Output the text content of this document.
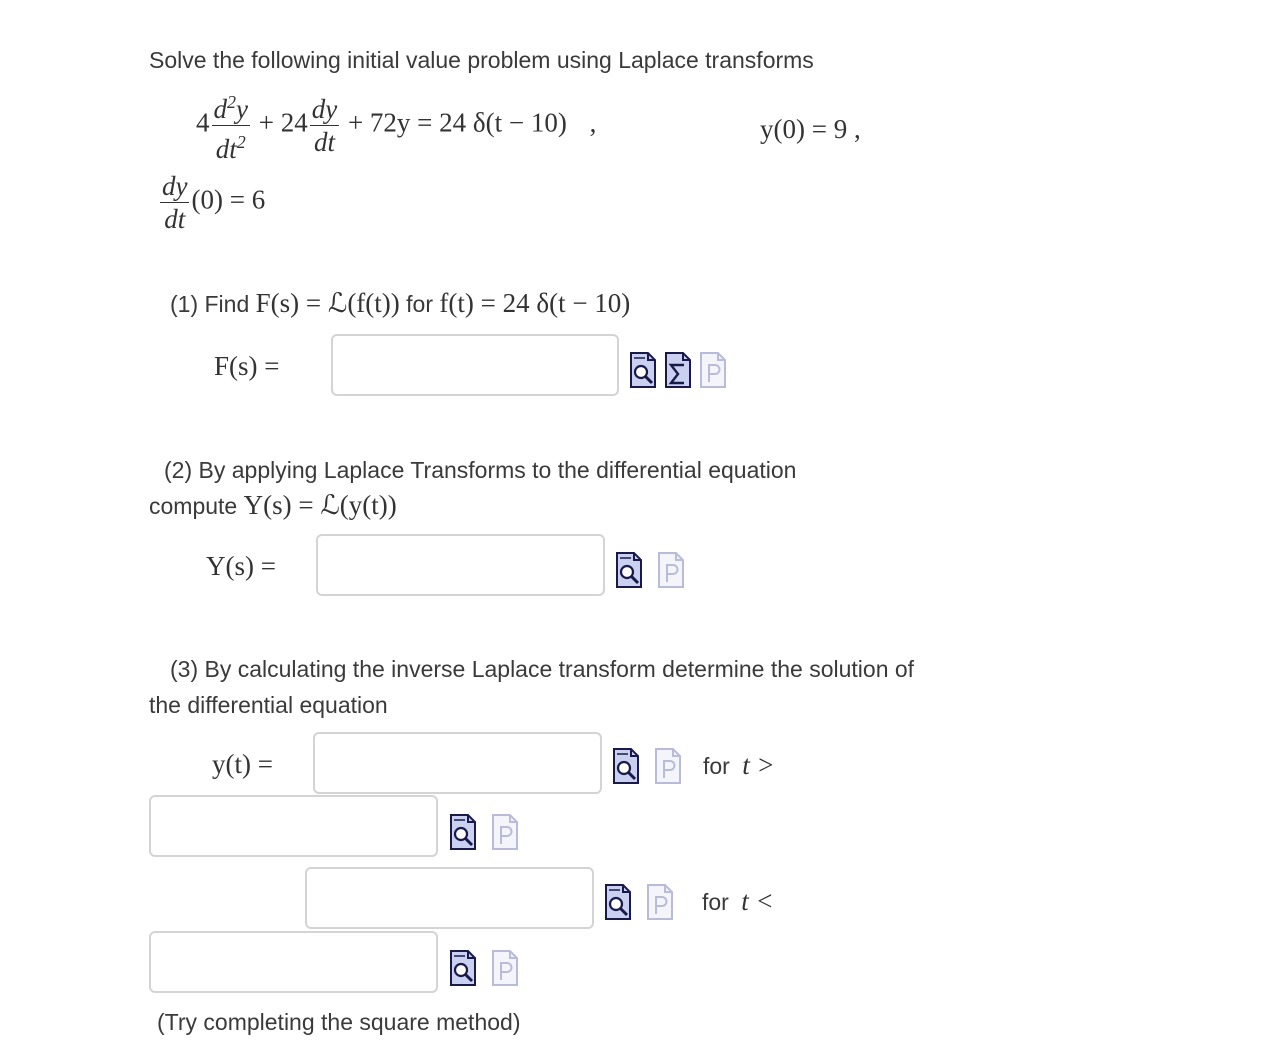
Solve the following initial value problem using Laplace transforms
$4 \frac{d^2y}{dt^2} + 24 \frac{dy}{dt} + 72y = 24$ δ(t − 10) ,	y(0) = 9 ,
$\frac{dy}{dt} (0) = 6$
(1) Find F(s) = ℒ(f(t)) for f(t) = 24 δ(t − 10)
F(s) =
(2) By applying Laplace Transforms to the differential equation
compute Y(s) = ℒ(y(t))
Y(s) =
(3) By calculating the inverse Laplace transform determine the solution of
the differential equation
y(t) =	for t >
for t <
(Try completing the square method)
